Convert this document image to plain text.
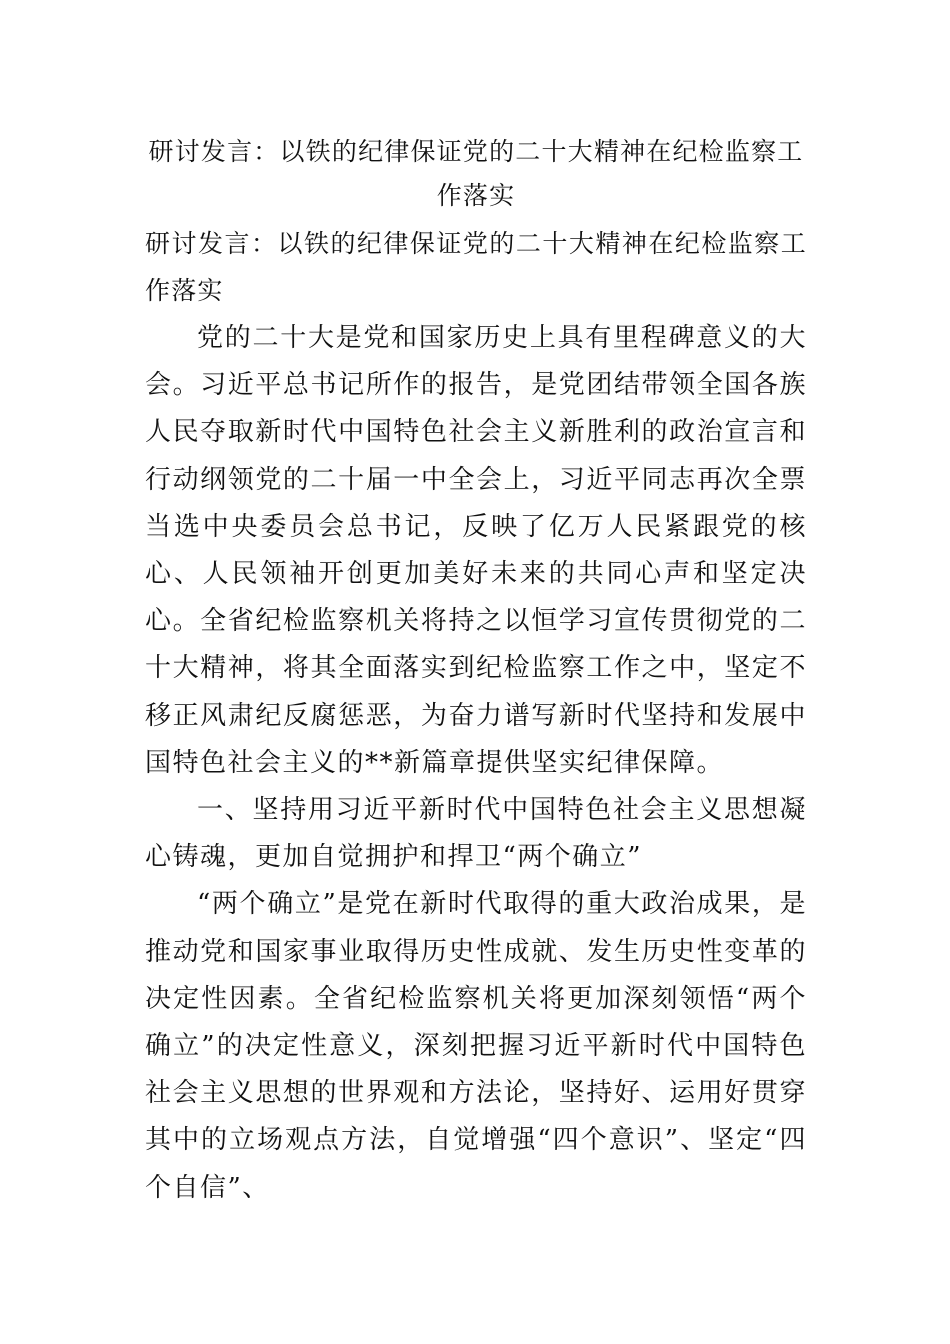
研讨发言：以铁的纪律保证党的二十大精神在纪检监察工作落实

研讨发言：以铁的纪律保证党的二十大精神在纪检监察工作落实

党的二十大是党和国家历史上具有里程碑意义的大会。习近平总书记所作的报告，是党团结带领全国各族人民夺取新时代中国特色社会主义新胜利的政治宣言和行动纲领党的二十届一中全会上，习近平同志再次全票当选中央委员会总书记，反映了亿万人民紧跟党的核心、人民领袖开创更加美好未来的共同心声和坚定决心。全省纪检监察机关将持之以恒学习宣传贯彻党的二十大精神，将其全面落实到纪检监察工作之中，坚定不移正风肃纪反腐惩恶，为奋力谱写新时代坚持和发展中国特色社会主义的**新篇章提供坚实纪律保障。

一、坚持用习近平新时代中国特色社会主义思想凝心铸魂，更加自觉拥护和捍卫“两个确立”

“两个确立”是党在新时代取得的重大政治成果，是推动党和国家事业取得历史性成就、发生历史性变革的决定性因素。全省纪检监察机关将更加深刻领悟“两个确立”的决定性意义，深刻把握习近平新时代中国特色社会主义思想的世界观和方法论，坚持好、运用好贯穿其中的立场观点方法，自觉增强“四个意识”、坚定“四个自信”、
